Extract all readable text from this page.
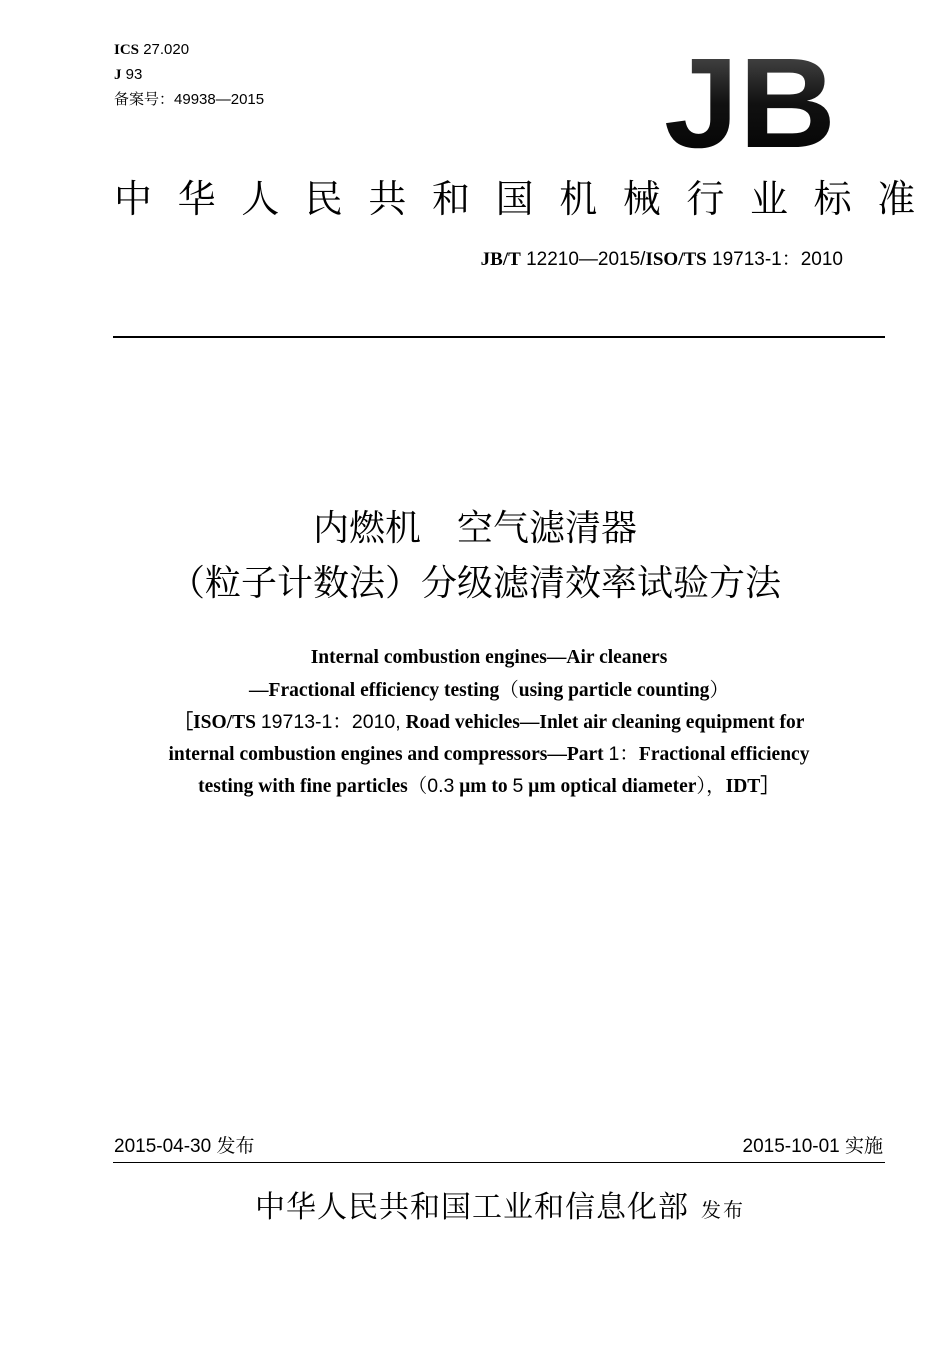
ICS 27.020
J 93
备案号：49938—2015	JB
中华人民共和国机械行业标准
JB/T 12210—2015/ISO/TS 19713-1：2010
内燃机　空气滤清器
（粒子计数法）分级滤清效率试验方法
Internal combustion engines—Air cleaners
—Fractional efficiency testing（using particle counting）
［ISO/TS 19713-1：2010, Road vehicles—Inlet air cleaning equipment for
internal combustion engines and compressors—Part 1：Fractional efficiency
testing with fine particles（0.3 μm to 5 μm optical diameter），IDT］
2015-04-30 发布	2015-10-01 实施
中华人民共和国工业和信息化部 发布
